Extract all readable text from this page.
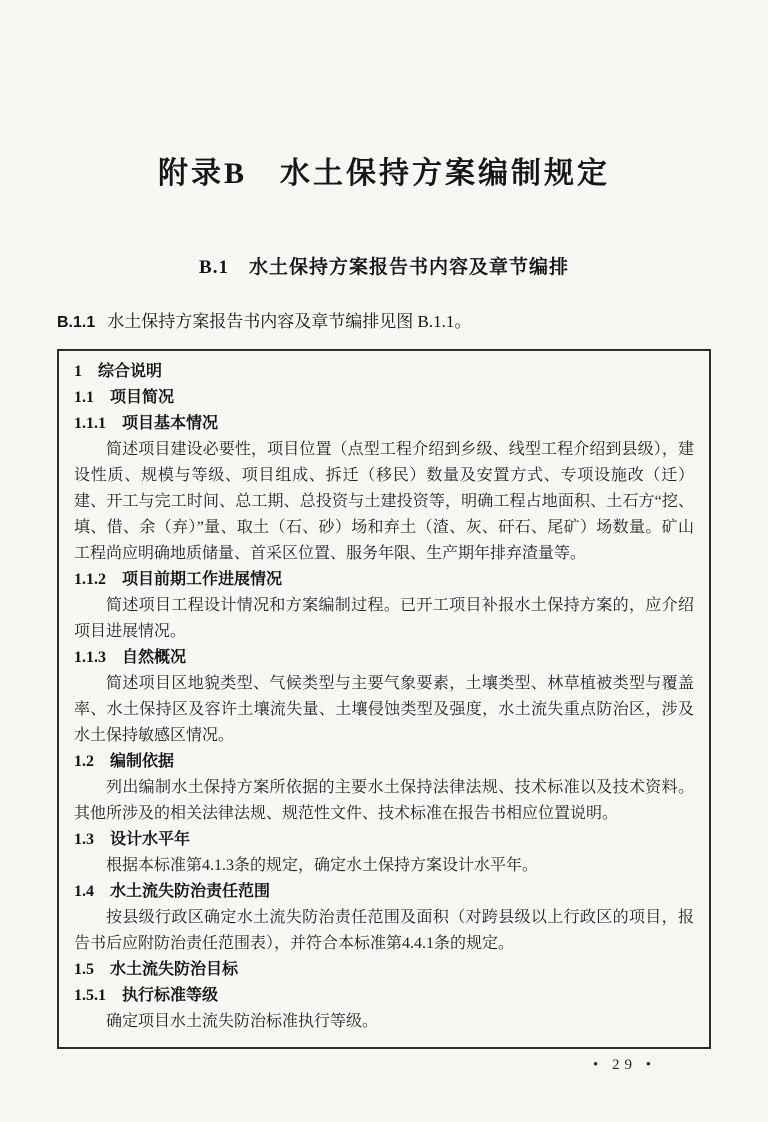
附录B　水土保持方案编制规定
B.1　水土保持方案报告书内容及章节编排

B.1.1 水土保持方案报告书内容及章节编排见图 B.1.1。

1　综合说明
1.1　项目简况
1.1.1　项目基本情况
简述项目建设必要性，项目位置（点型工程介绍到乡级、线型工程介绍到县级），建设性质、规模与等级、项目组成、拆迁（移民）数量及安置方式、专项设施改（迁）建、开工与完工时间、总工期、总投资与土建投资等，明确工程占地面积、土石方“挖、填、借、余（弃）”量、取土（石、砂）场和弃土（渣、灰、矸石、尾矿）场数量。矿山工程尚应明确地质储量、首采区位置、服务年限、生产期年排弃渣量等。
1.1.2　项目前期工作进展情况
简述项目工程设计情况和方案编制过程。已开工项目补报水土保持方案的，应介绍项目进展情况。
1.1.3　自然概况
简述项目区地貌类型、气候类型与主要气象要素，土壤类型、林草植被类型与覆盖率、水土保持区及容许土壤流失量、土壤侵蚀类型及强度，水土流失重点防治区，涉及水土保持敏感区情况。
1.2　编制依据
列出编制水土保持方案所依据的主要水土保持法律法规、技术标准以及技术资料。其他所涉及的相关法律法规、规范性文件、技术标准在报告书相应位置说明。
1.3　设计水平年
根据本标准第4.1.3条的规定，确定水土保持方案设计水平年。
1.4　水土流失防治责任范围
按县级行政区确定水土流失防治责任范围及面积（对跨县级以上行政区的项目，报告书后应附防治责任范围表），并符合本标准第4.4.1条的规定。
1.5　水土流失防治目标
1.5.1　执行标准等级
确定项目水土流失防治标准执行等级。
• 29 •
